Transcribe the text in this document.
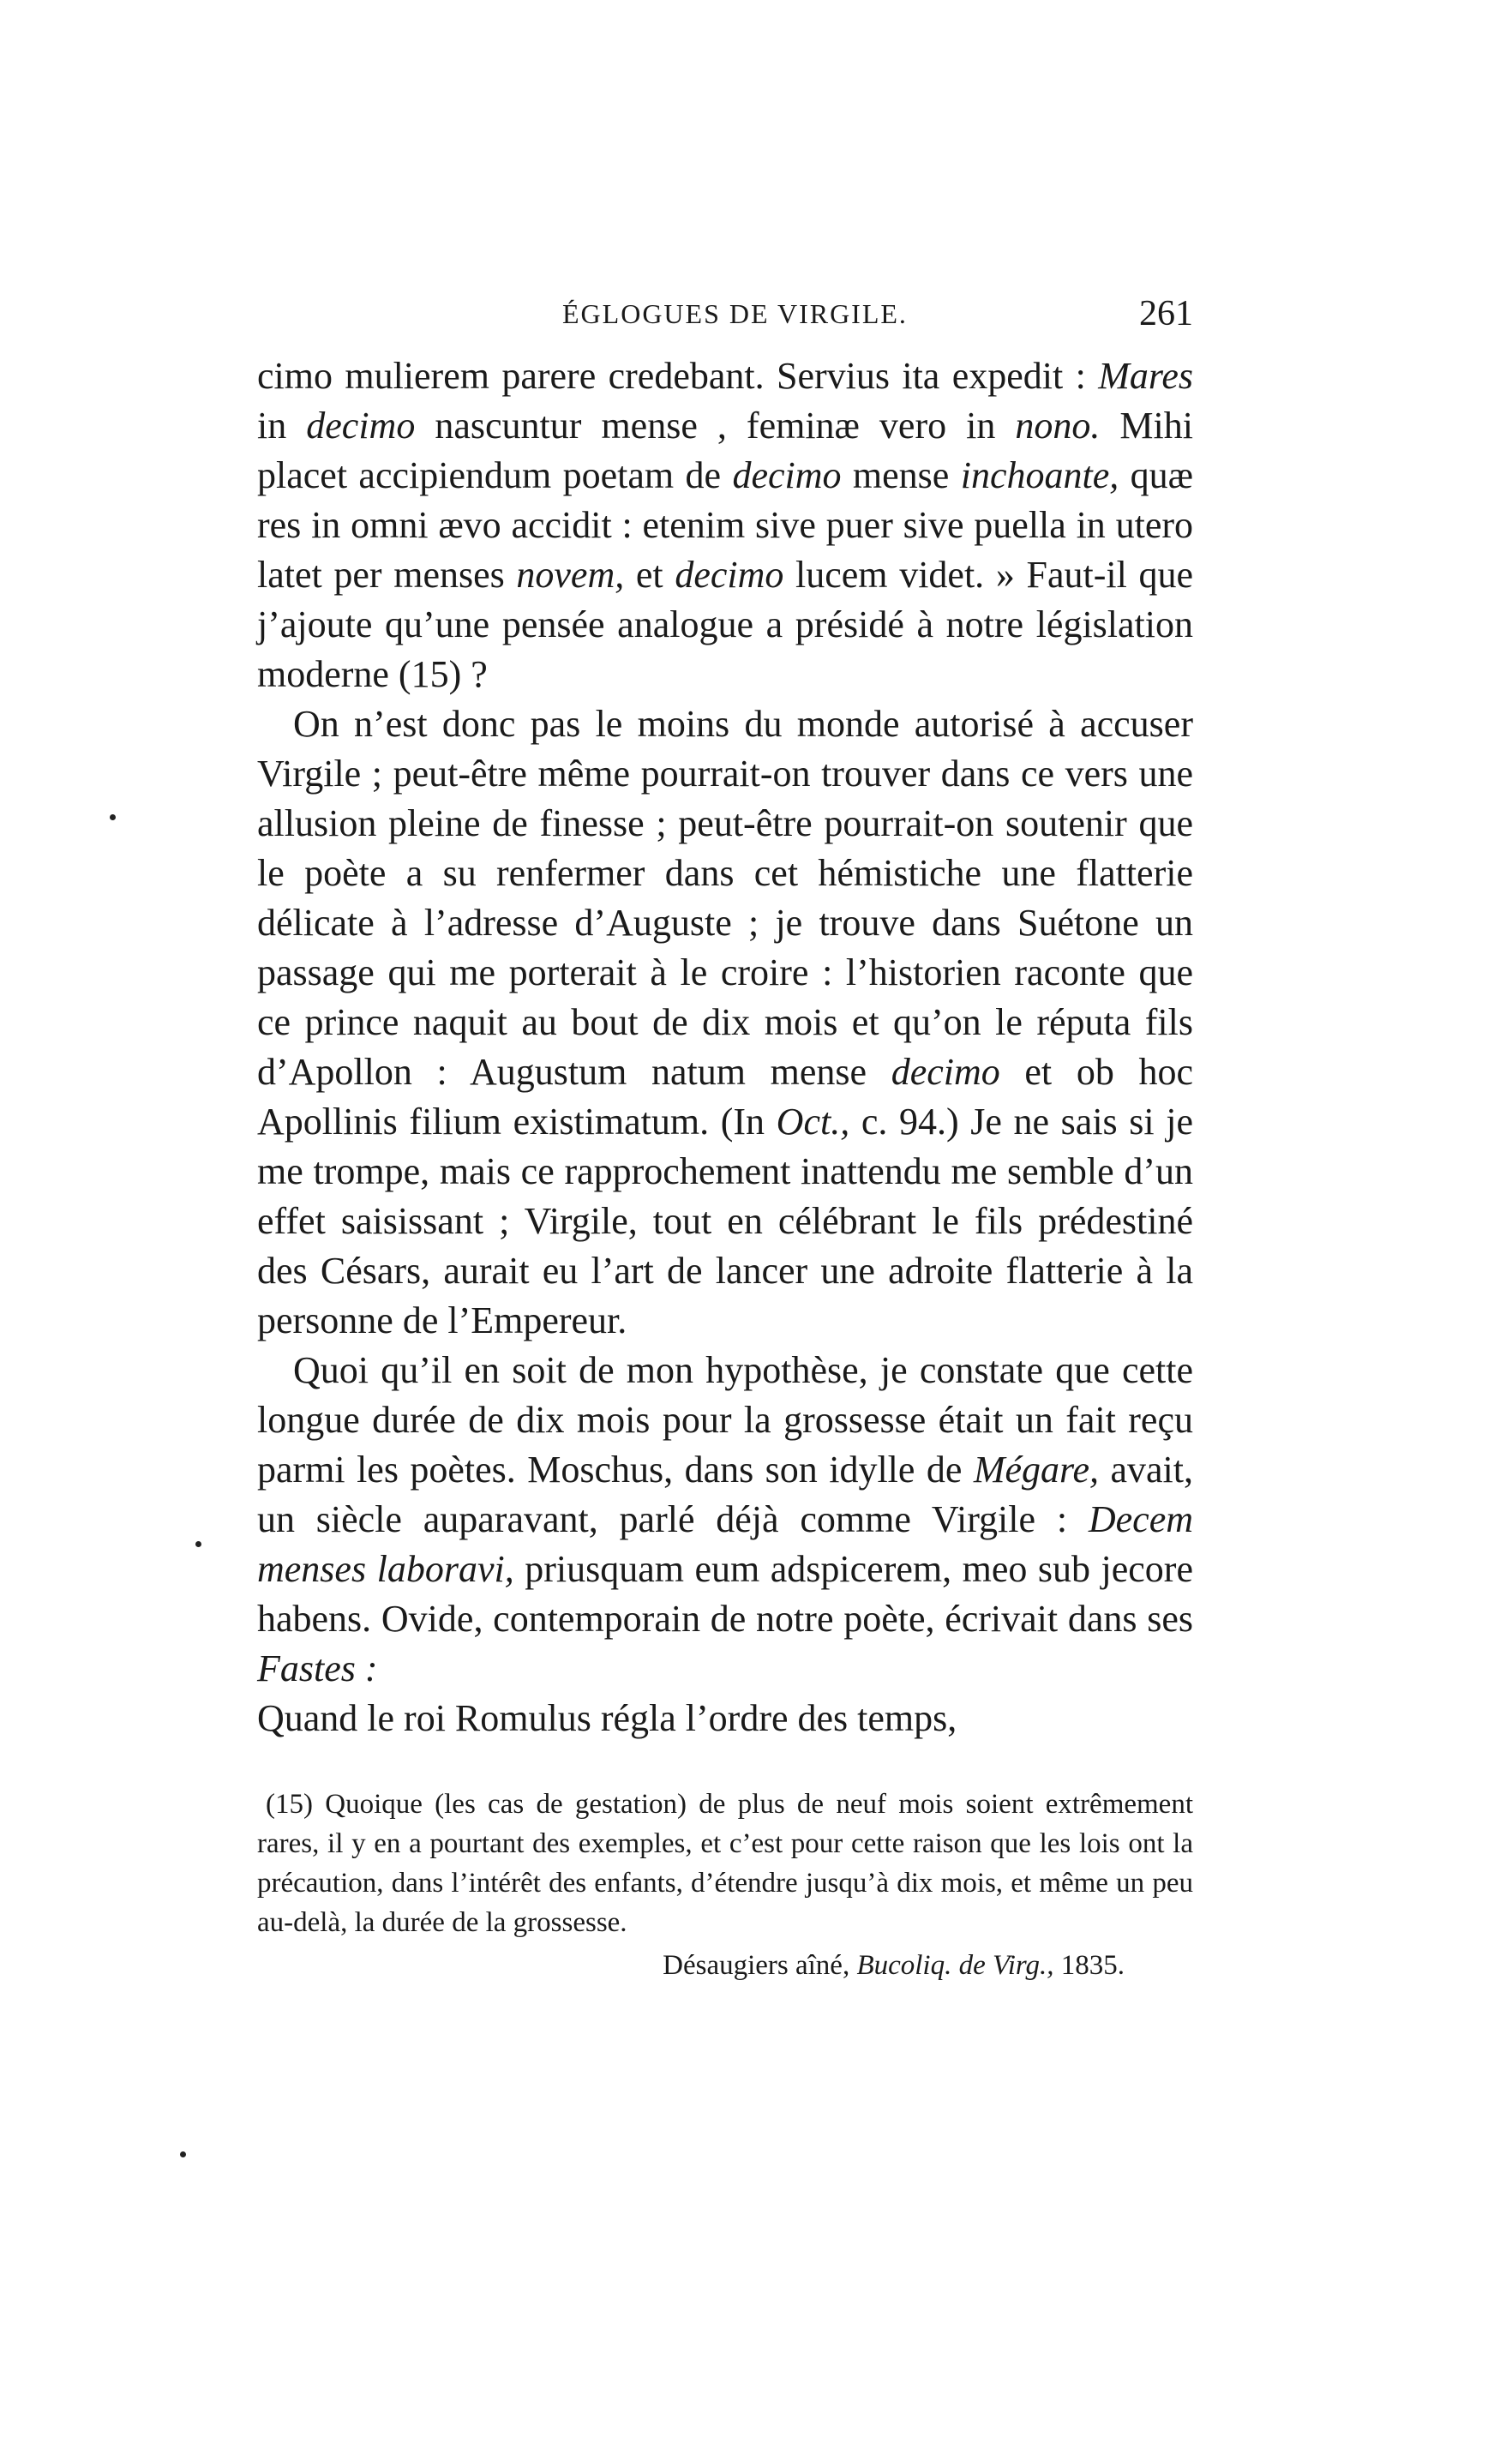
ÉGLOGUES DE VIRGILE.	261

cimo mulierem parere credebant. Servius ita expedit : Mares in decimo nascuntur mense , feminæ vero in nono. Mihi placet accipiendum poetam de decimo mense inchoante, quæ res in omni ævo accidit : etenim sive puer sive puella in utero latet per menses novem, et decimo lucem videt. » Faut-il que j’ajoute qu’une pensée analogue a présidé à notre législation moderne (15) ?

On n’est donc pas le moins du monde autorisé à accuser Virgile ; peut-être même pourrait-on trouver dans ce vers une allusion pleine de finesse ; peut-être pourrait-on soutenir que le poète a su renfermer dans cet hémistiche une flatterie délicate à l’adresse d’Auguste ; je trouve dans Suétone un passage qui me porterait à le croire : l’historien raconte que ce prince naquit au bout de dix mois et qu’on le réputa fils d’Apollon : Augustum natum mense decimo et ob hoc Apollinis filium existimatum. (In Oct., c. 94.) Je ne sais si je me trompe, mais ce rapprochement inattendu me semble d’un effet saisissant ; Virgile, tout en célébrant le fils prédestiné des Césars, aurait eu l’art de lancer une adroite flatterie à la personne de l’Empereur.

Quoi qu’il en soit de mon hypothèse, je constate que cette longue durée de dix mois pour la grossesse était un fait reçu parmi les poètes. Moschus, dans son idylle de Mégare, avait, un siècle auparavant, parlé déjà comme Virgile : Decem menses laboravi, priusquam eum adspicerem, meo sub jecore habens. Ovide, contemporain de notre poète, écrivait dans ses Fastes :

Quand le roi Romulus régla l’ordre des temps,

(15) Quoique (les cas de gestation) de plus de neuf mois soient extrêmement rares, il y en a pourtant des exemples, et c’est pour cette raison que les lois ont la précaution, dans l’intérêt des enfants, d’étendre jusqu’à dix mois, et même un peu au-delà, la durée de la grossesse.

Désaugiers aîné, Bucoliq. de Virg., 1835.
